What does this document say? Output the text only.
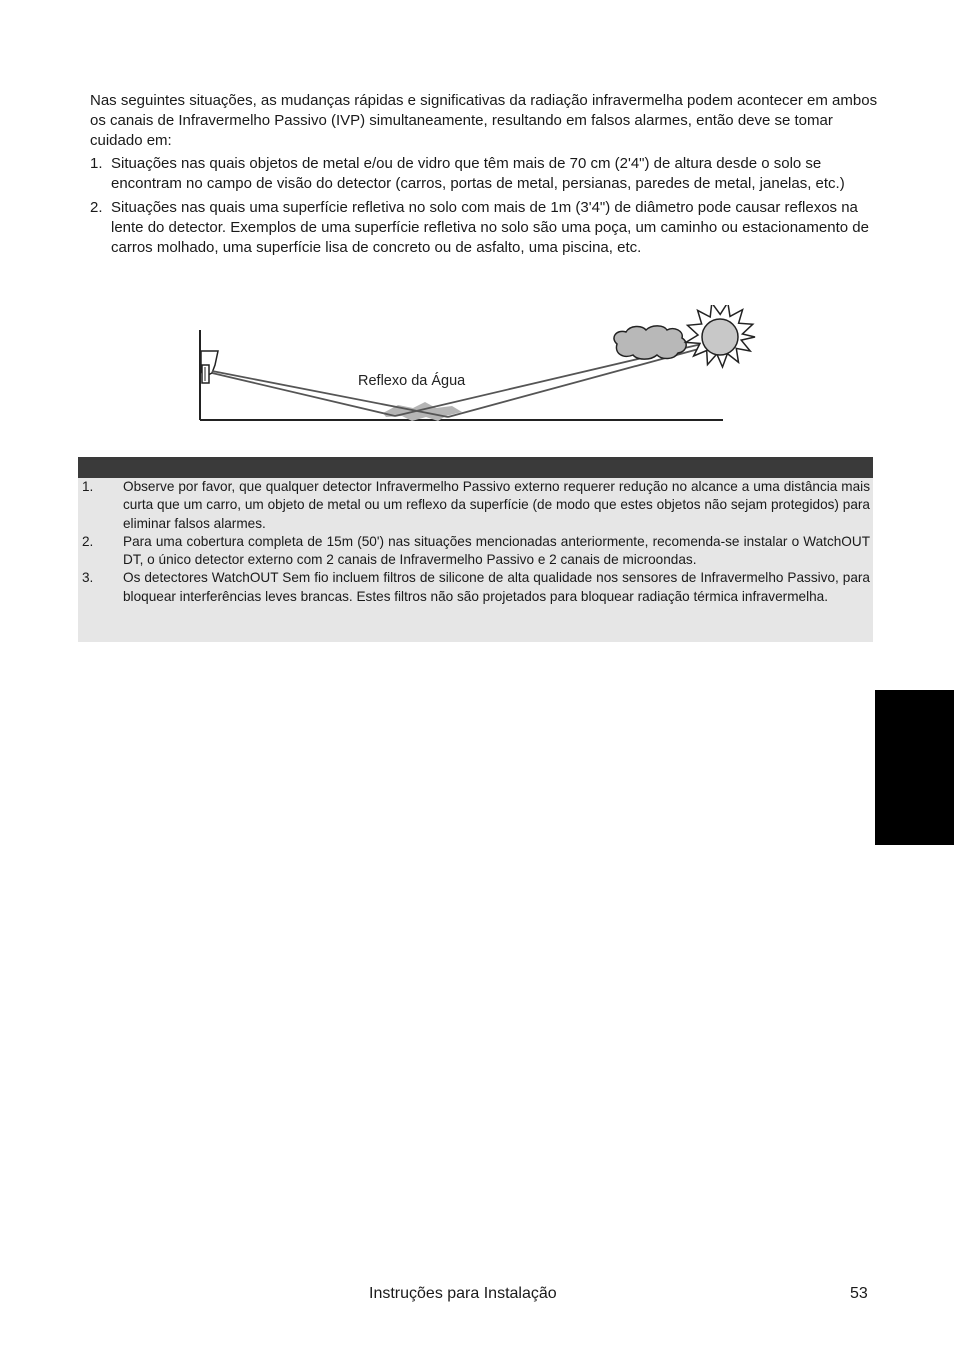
Nas seguintes situações, as mudanças rápidas e significativas da radiação infravermelha podem acontecer em ambos os canais de Infravermelho Passivo (IVP) simultaneamente, resultando em falsos alarmes, então deve se tomar cuidado em:

1. Situações nas quais objetos de metal e/ou de vidro que têm mais de 70 cm (2'4") de altura desde o solo se encontram no campo de visão do detector (carros, portas de metal, persianas, paredes de metal, janelas, etc.)
2. Situações nas quais uma superfície refletiva no solo com mais de 1m (3'4") de diâmetro pode causar reflexos na lente do detector. Exemplos de uma superfície refletiva no solo são uma poça, um caminho ou estacionamento de carros molhado, uma superfície lisa de concreto ou de asfalto, uma piscina, etc.
Reflexo da Água
1. Observe por favor, que qualquer detector Infravermelho Passivo externo requerer redução no alcance a uma distância mais curta que um carro, um objeto de metal ou um reflexo da superfície (de modo que estes objetos não sejam protegidos) para eliminar falsos alarmes.
2. Para uma cobertura completa de 15m (50') nas situações mencionadas anteriormente, recomenda-se instalar o WatchOUT DT, o único detector externo com 2 canais de Infravermelho Passivo e 2 canais de microondas.
3. Os detectores WatchOUT Sem fio incluem filtros de silicone de alta qualidade nos sensores de Infravermelho Passivo, para bloquear interferências leves brancas. Estes filtros não são projetados para bloquear radiação térmica infravermelha.
Instruções para Instalação	53
